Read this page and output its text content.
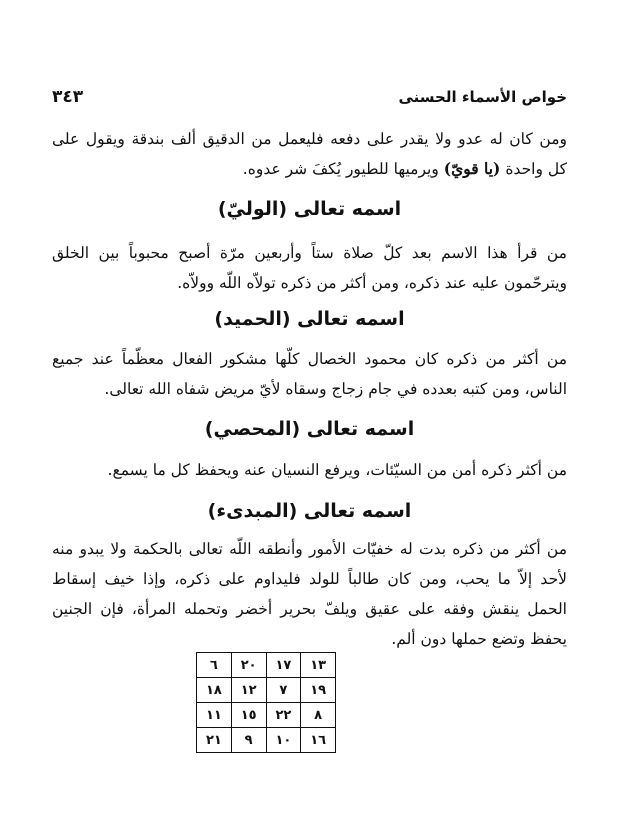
خواص الأسماء الحسنى
٣٤٣

ومن كان له عدو ولا يقدر على دفعه فليعمل من الدقيق ألف بندقة ويقول على كل واحدة (يا قويّ) ويرميها للطيور يُكفَ شر عدوه.

اسمه تعالى (الوليّ)

من قرأ هذا الاسم بعد كلّ صلاة ستاً وأربعين مرّة أصبح محبوباً بين الخلق ويترحّمون عليه عند ذكره، ومن أكثر من ذكره تولاّه اللّه وولاّه.

اسمه تعالى (الحميد)

من أكثر من ذكره كان محمود الخصال كلّها مشكور الفعال معظّماً عند جميع الناس، ومن كتبه بعدده في جام زجاج وسقاه لأيّ مريض شفاه الله تعالى.

اسمه تعالى (المحصي)

من أكثر ذكره أمن من السيّئات، ويرفع النسيان عنه ويحفظ كل ما يسمع.

اسمه تعالى (المبدىء)

من أكثر من ذكره بدت له خفيّات الأمور وأنطقه اللّه تعالى بالحكمة ولا يبدو منه لأحد إلاّ ما يحب، ومن كان طالباً للولد فليداوم على ذكره، وإذا خيف إسقاط الحمل ينقش وفقه على عقيق ويلفّ بحرير أخضر وتحمله المرأة، فإن الجنين يحفظ وتضع حملها دون ألم.

١٣	١٧	٢٠	٦
١٩	٧	١٢	١٨
٨	٢٢	١٥	١١
١٦	١٠	٩	٢١
